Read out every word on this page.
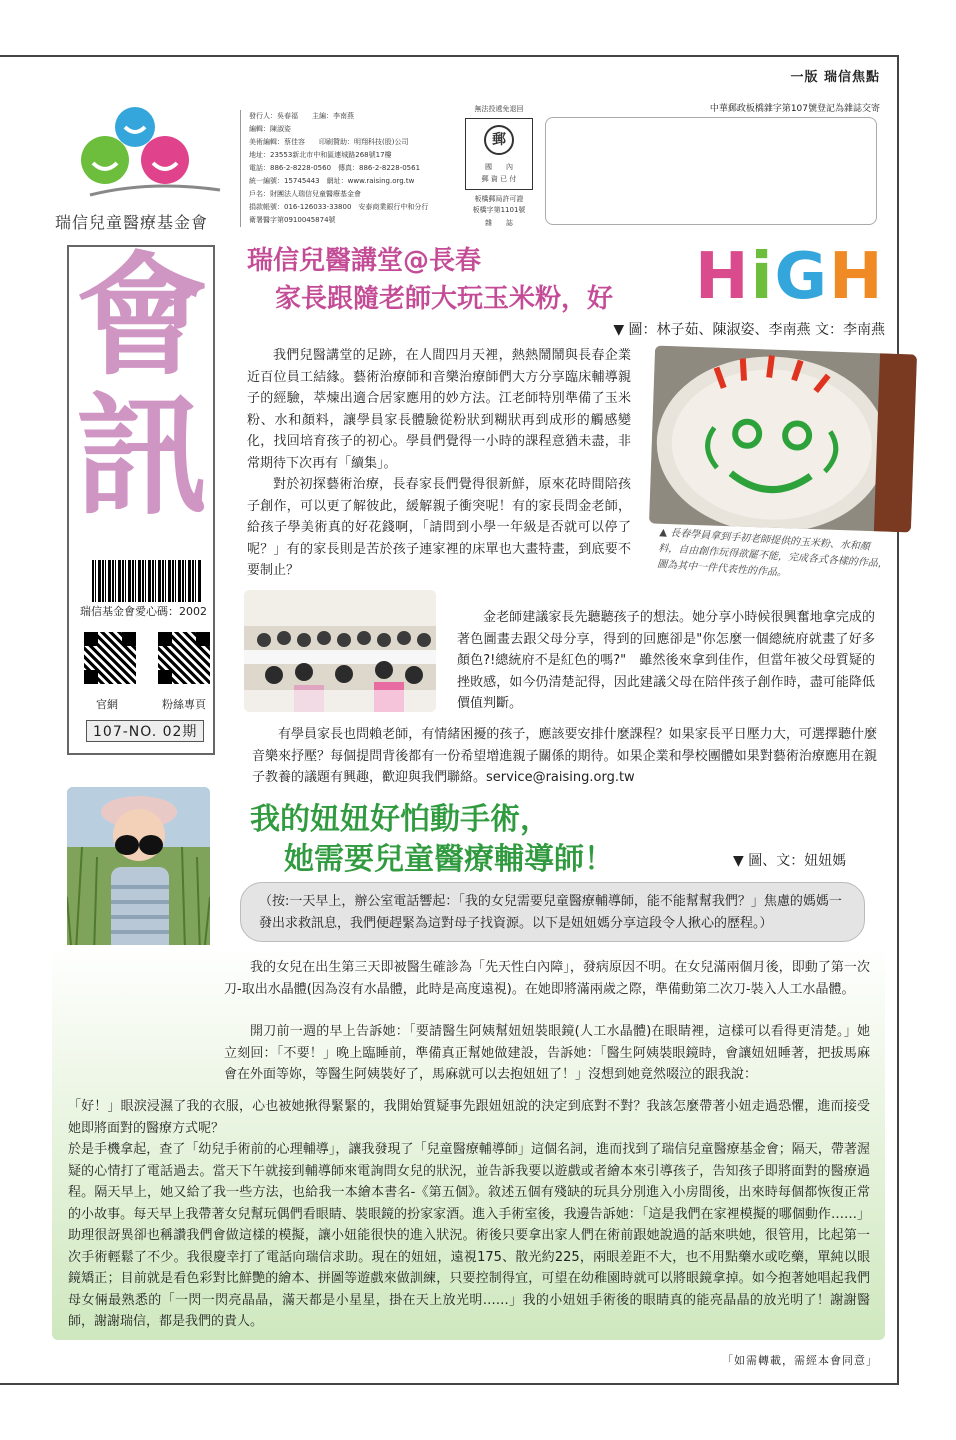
一版 瑞信焦點
中華郵政板橋雜字第107號登記為雜誌交寄
瑞信兒童醫療基金會
發行人：吳春福　　主編：李南燕
編輯：陳淑姿
美術編輯：蔡佳容　　印刷贊助：明翔科技(股)公司
地址：23553新北市中和區連城路268號17樓
電話：886-2-8228-0560　傳真：886-2-8228-0561
統一編號：15745443　網址：www.raising.org.tw
戶名：財團法人瑞信兒童醫療基金會
捐款帳號：016-126033-33800　安泰商業銀行中和分行
衛署醫字第0910045874號
無法投遞免退回
郵
國　　內
郵 資 已 付
板橋郵局許可證
板橋字第1101號
雜　　誌
會
訊
瑞信基金會愛心碼：2002
官網	粉絲專頁
107-NO. 02期
瑞信兒醫講堂@長春
家長跟隨老師大玩玉米粉，好 HiGH
▼ 圖：林子茹、陳淑姿、李南燕 文：李南燕
我們兒醫講堂的足跡，在人間四月天裡，熱熱鬧鬧與長春企業近百位員工結緣。藝術治療師和音樂治療師們大方分享臨床輔導親子的經驗，萃煉出適合居家應用的妙方法。江老師特別準備了玉米粉、水和顏料，讓學員家長體驗從粉狀到糊狀再到成形的觸感變化，找回培育孩子的初心。學員們覺得一小時的課程意猶未盡，非常期待下次再有「續集」。
對於初探藝術治療，長春家長們覺得很新鮮，原來花時間陪孩子創作，可以更了解彼此，緩解親子衝突呢！有的家長問金老師，給孩子學美術真的好花錢啊，「請問到小學一年級是否就可以停了呢？」有的家長則是苦於孩子連家裡的床單也大畫特畫，到底要不要制止？
▲ 長春學員拿到手初老師提供的玉米粉、水和顏料，自由創作玩得欲罷不能，完成各式各樣的作品，圖為其中一件代表性的作品。
金老師建議家長先聽聽孩子的想法。她分享小時候很興奮地拿完成的著色圖畫去跟父母分享，得到的回應卻是"你怎麼一個總統府就畫了好多顏色?!總統府不是紅色的嗎?"　雖然後來拿到佳作，但當年被父母質疑的挫敗感，如今仍清楚記得，因此建議父母在陪伴孩子創作時，盡可能降低價值判斷。
有學員家長也問賴老師，有情緒困擾的孩子，應該要安排什麼課程？如果家長平日壓力大，可選擇聽什麼音樂來抒壓？每個提問背後都有一份希望增進親子關係的期待。如果企業和學校團體如果對藝術治療應用在親子教養的議題有興趣，歡迎與我們聯絡。service@raising.org.tw
我的妞妞好怕動手術，
她需要兒童醫療輔導師！	▼ 圖、文：妞妞媽
（按:一天早上，辦公室電話響起：「我的女兒需要兒童醫療輔導師，能不能幫幫我們？」焦慮的媽媽一發出求救訊息，我們便趕緊為這對母子找資源。以下是妞妞媽分享這段令人揪心的歷程。）
我的女兒在出生第三天即被醫生確診為「先天性白內障」，發病原因不明。在女兒滿兩個月後，即動了第一次刀-取出水晶體(因為沒有水晶體，此時是高度遠視)。在她即將滿兩歲之際，準備動第二次刀-裝入人工水晶體。
開刀前一週的早上告訴她：「要請醫生阿姨幫妞妞裝眼鏡(人工水晶體)在眼睛裡，這樣可以看得更清楚。」她立刻回：「不要！」晚上臨睡前，準備真正幫她做建設，告訴她：「醫生阿姨裝眼鏡時，會讓妞妞睡著，把拔馬麻會在外面等妳，等醫生阿姨裝好了，馬麻就可以去抱妞妞了！」沒想到她竟然啜泣的跟我說：
「好！」眼淚浸濕了我的衣服，心也被她揪得緊緊的，我開始質疑事先跟妞妞說的決定到底對不對？我該怎麼帶著小妞走過恐懼，進而接受她即將面對的醫療方式呢？
於是手機拿起，查了「幼兒手術前的心理輔導」，讓我發現了「兒童醫療輔導師」這個名詞，進而找到了瑞信兒童醫療基金會；隔天，帶著渥疑的心情打了電話過去。當天下午就接到輔導師來電詢問女兒的狀況，並告訴我要以遊戲或者繪本來引導孩子，告知孩子即將面對的醫療過程。隔天早上，她又給了我一些方法，也給我一本繪本書名-《第五個》。敘述五個有殘缺的玩具分別進入小房間後，出來時每個都恢復正常的小故事。每天早上我帶著女兒幫玩偶們看眼睛、裝眼鏡的扮家家酒。進入手術室後，我邊告訴她：「這是我們在家裡模擬的哪個動作……」助理很訝異卻也稱讚我們會做這樣的模擬，讓小妞能很快的進入狀況。術後只要拿出家人們在術前跟她說過的話來哄她，很管用，比起第一次手術輕鬆了不少。我很慶幸打了電話向瑞信求助。現在的妞妞，遠視175、散光約225，兩眼差距不大，也不用點藥水或吃藥，單純以眼鏡矯正；目前就是看色彩對比鮮艷的繪本、拼圖等遊戲來做訓練，只要控制得宜，可望在幼稚園時就可以將眼鏡拿掉。如今抱著她唱起我們母女倆最熟悉的「一閃一閃亮晶晶，滿天都是小星星，掛在天上放光明……」我的小妞妞手術後的眼睛真的能亮晶晶的放光明了！謝謝醫師，謝謝瑞信，都是我們的貴人。
「如需轉載，需經本會同意」
